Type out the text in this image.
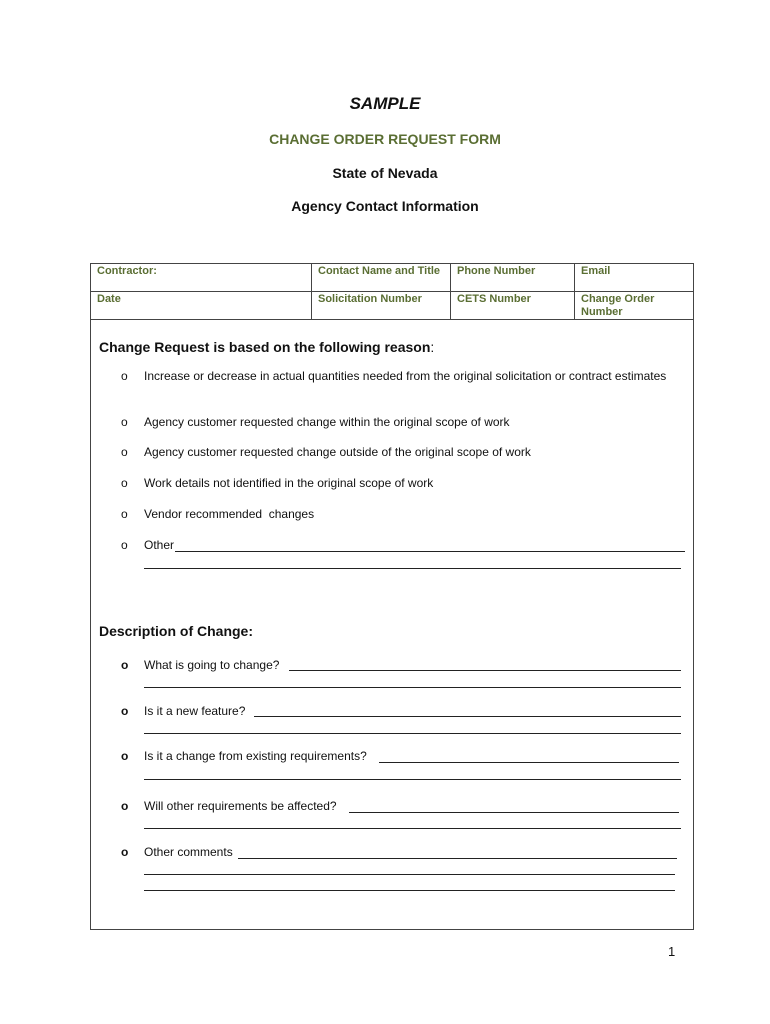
SAMPLE
CHANGE ORDER REQUEST FORM
State of Nevada
Agency Contact Information
Contractor:	Contact Name and Title	Phone Number	Email
Date	Solicitation Number	CETS Number	Change Order Number
Change Request is based on the following reason:
o	Increase or decrease in actual quantities needed from the original solicitation or contract estimates
o	Agency customer requested change within the original scope of work
o	Agency customer requested change outside of the original scope of work
o	Work details not identified in the original scope of work
o	Vendor recommended  changes
o	Other
Description of Change:
o	What is going to change?
o	Is it a new feature?
o	Is it a change from existing requirements?
o	Will other requirements be affected?
o	Other comments
1
